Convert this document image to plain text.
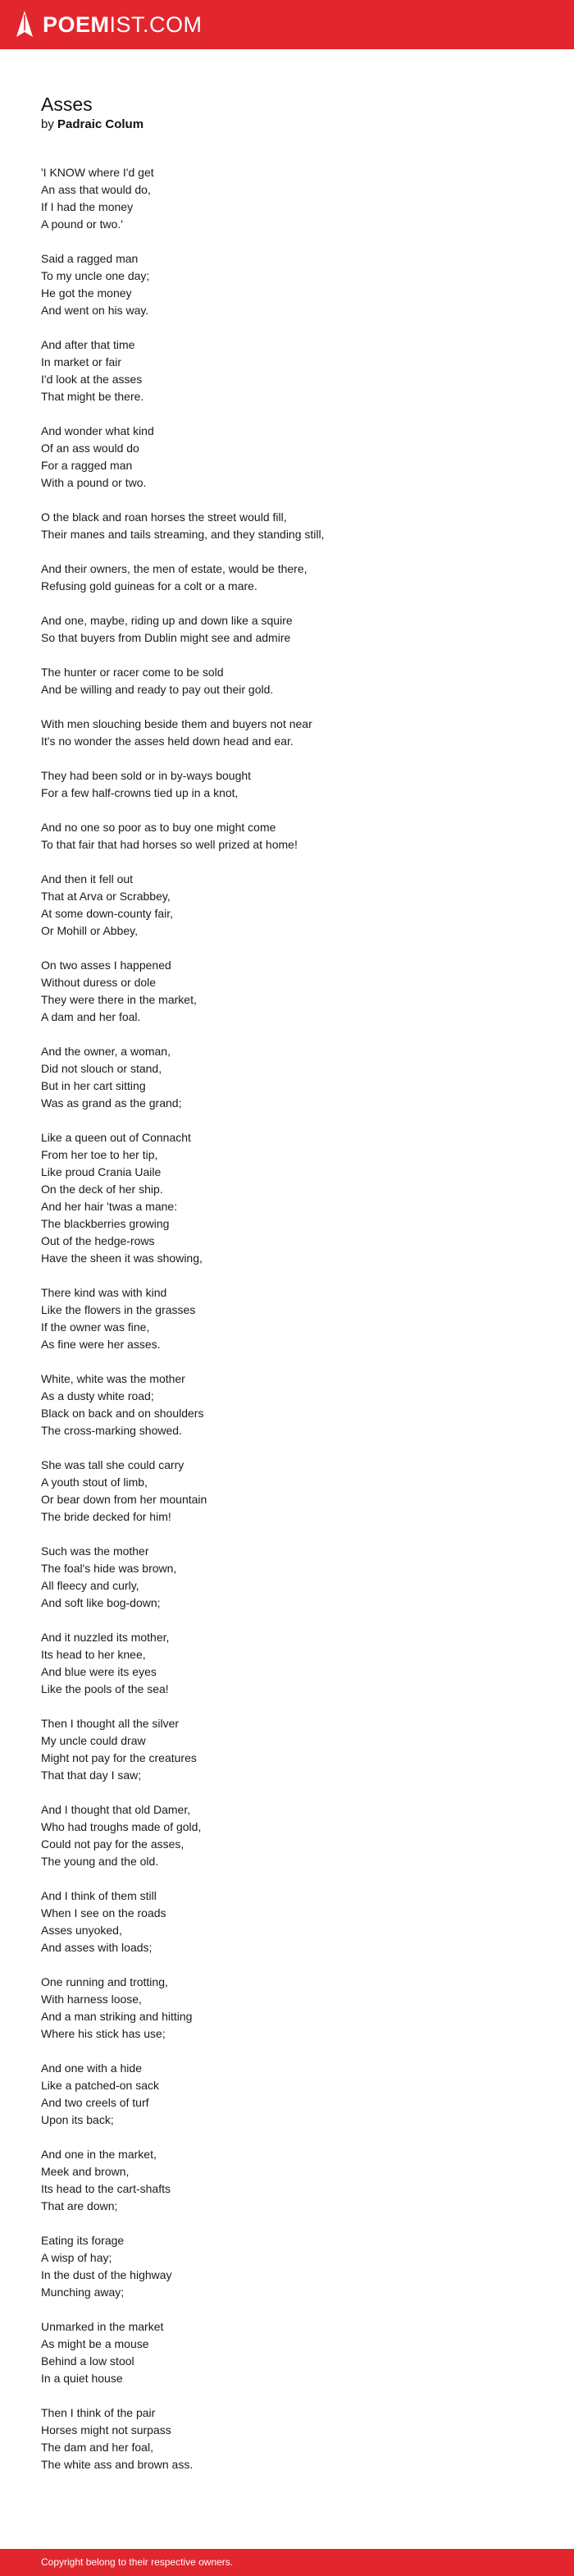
POEMIST.COM
Asses

by Padraic Colum

'I KNOW where I'd get
An ass that would do,
If I had the money
A pound or two.'
Said a ragged man
To my uncle one day;
He got the money
And went on his way.
And after that time
In market or fair
I'd look at the asses
That might be there.
And wonder what kind
Of an ass would do
For a ragged man
With a pound or two.
O the black and roan horses the street would fill,
Their manes and tails streaming, and they standing still,
And their owners, the men of estate, would be there,
Refusing gold guineas for a colt or a mare.
And one, maybe, riding up and down like a squire
So that buyers from Dublin might see and admire
The hunter or racer come to be sold
And be willing and ready to pay out their gold.
With men slouching beside them and buyers not near
It's no wonder the asses held down head and ear.
They had been sold or in by-ways bought
For a few half-crowns tied up in a knot,
And no one so poor as to buy one might come
To that fair that had horses so well prized at home!
And then it fell out
That at Arva or Scrabbey,
At some down-county fair,
Or Mohill or Abbey,
On two asses I happened
Without duress or dole
They were there in the market,
A dam and her foal.
And the owner, a woman,
Did not slouch or stand,
But in her cart sitting
Was as grand as the grand;
Like a queen out of Connacht
From her toe to her tip,
Like proud Crania Uaile
On the deck of her ship.
And her hair 'twas a mane:
The blackberries growing
Out of the hedge-rows
Have the sheen it was showing,
There kind was with kind
Like the flowers in the grasses
If the owner was fine,
As fine were her asses.
White, white was the mother
As a dusty white road;
Black on back and on shoulders
The cross-marking showed.
She was tall she could carry
A youth stout of limb,
Or bear down from her mountain
The bride decked for him!
Such was the mother
The foal's hide was brown,
All fleecy and curly,
And soft like bog-down;
And it nuzzled its mother,
Its head to her knee,
And blue were its eyes
Like the pools of the sea!
Then I thought all the silver
My uncle could draw
Might not pay for the creatures
That that day I saw;
And I thought that old Damer,
Who had troughs made of gold,
Could not pay for the asses,
The young and the old.
And I think of them still
When I see on the roads
Asses unyoked,
And asses with loads;
One running and trotting,
With harness loose,
And a man striking and hitting
Where his stick has use;
And one with a hide
Like a patched-on sack
And two creels of turf
Upon its back;
And one in the market,
Meek and brown,
Its head to the cart-shafts
That are down;
Eating its forage
A wisp of hay;
In the dust of the highway
Munching away;
Unmarked in the market
As might be a mouse
Behind a low stool
In a quiet house
Then I think of the pair
Horses might not surpass
The dam and her foal,
The white ass and brown ass.
Copyright belong to their respective owners.
